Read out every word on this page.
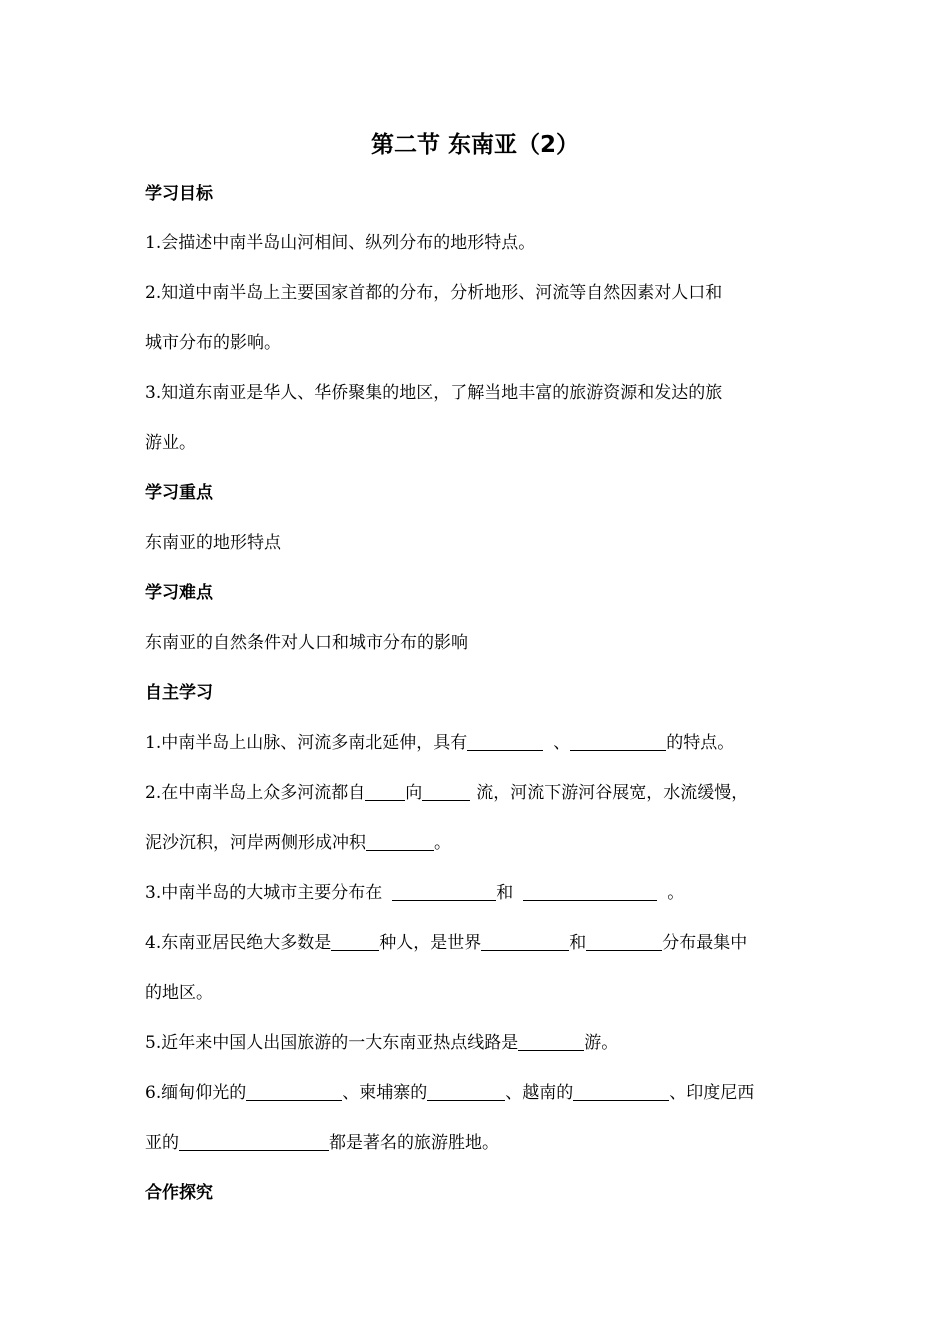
第二节 东南亚（2）
学习目标
1.会描述中南半岛山河相间、纵列分布的地形特点。
2.知道中南半岛上主要国家首都的分布，分析地形、河流等自然因素对人口和
城市分布的影响。
3.知道东南亚是华人、华侨聚集的地区，了解当地丰富的旅游资源和发达的旅
游业。
学习重点
东南亚的地形特点
学习难点
东南亚的自然条件对人口和城市分布的影响
自主学习
1.中南半岛上山脉、河流多南北延伸，具有	、	的特点。
2.在中南半岛上众多河流都自 向	流，河流下游河谷展宽，水流缓慢，
泥沙沉积，河岸两侧形成冲积	。
3.中南半岛的大城市主要分布在	和	。
4.东南亚居民绝大多数是	种人，是世界	和	分布最集中
的地区。
5.近年来中国人出国旅游的一大东南亚热点线路是	游。
6.缅甸仰光的	、柬埔寨的	、越南的	、印度尼西
亚的	都是著名的旅游胜地。
合作探究
